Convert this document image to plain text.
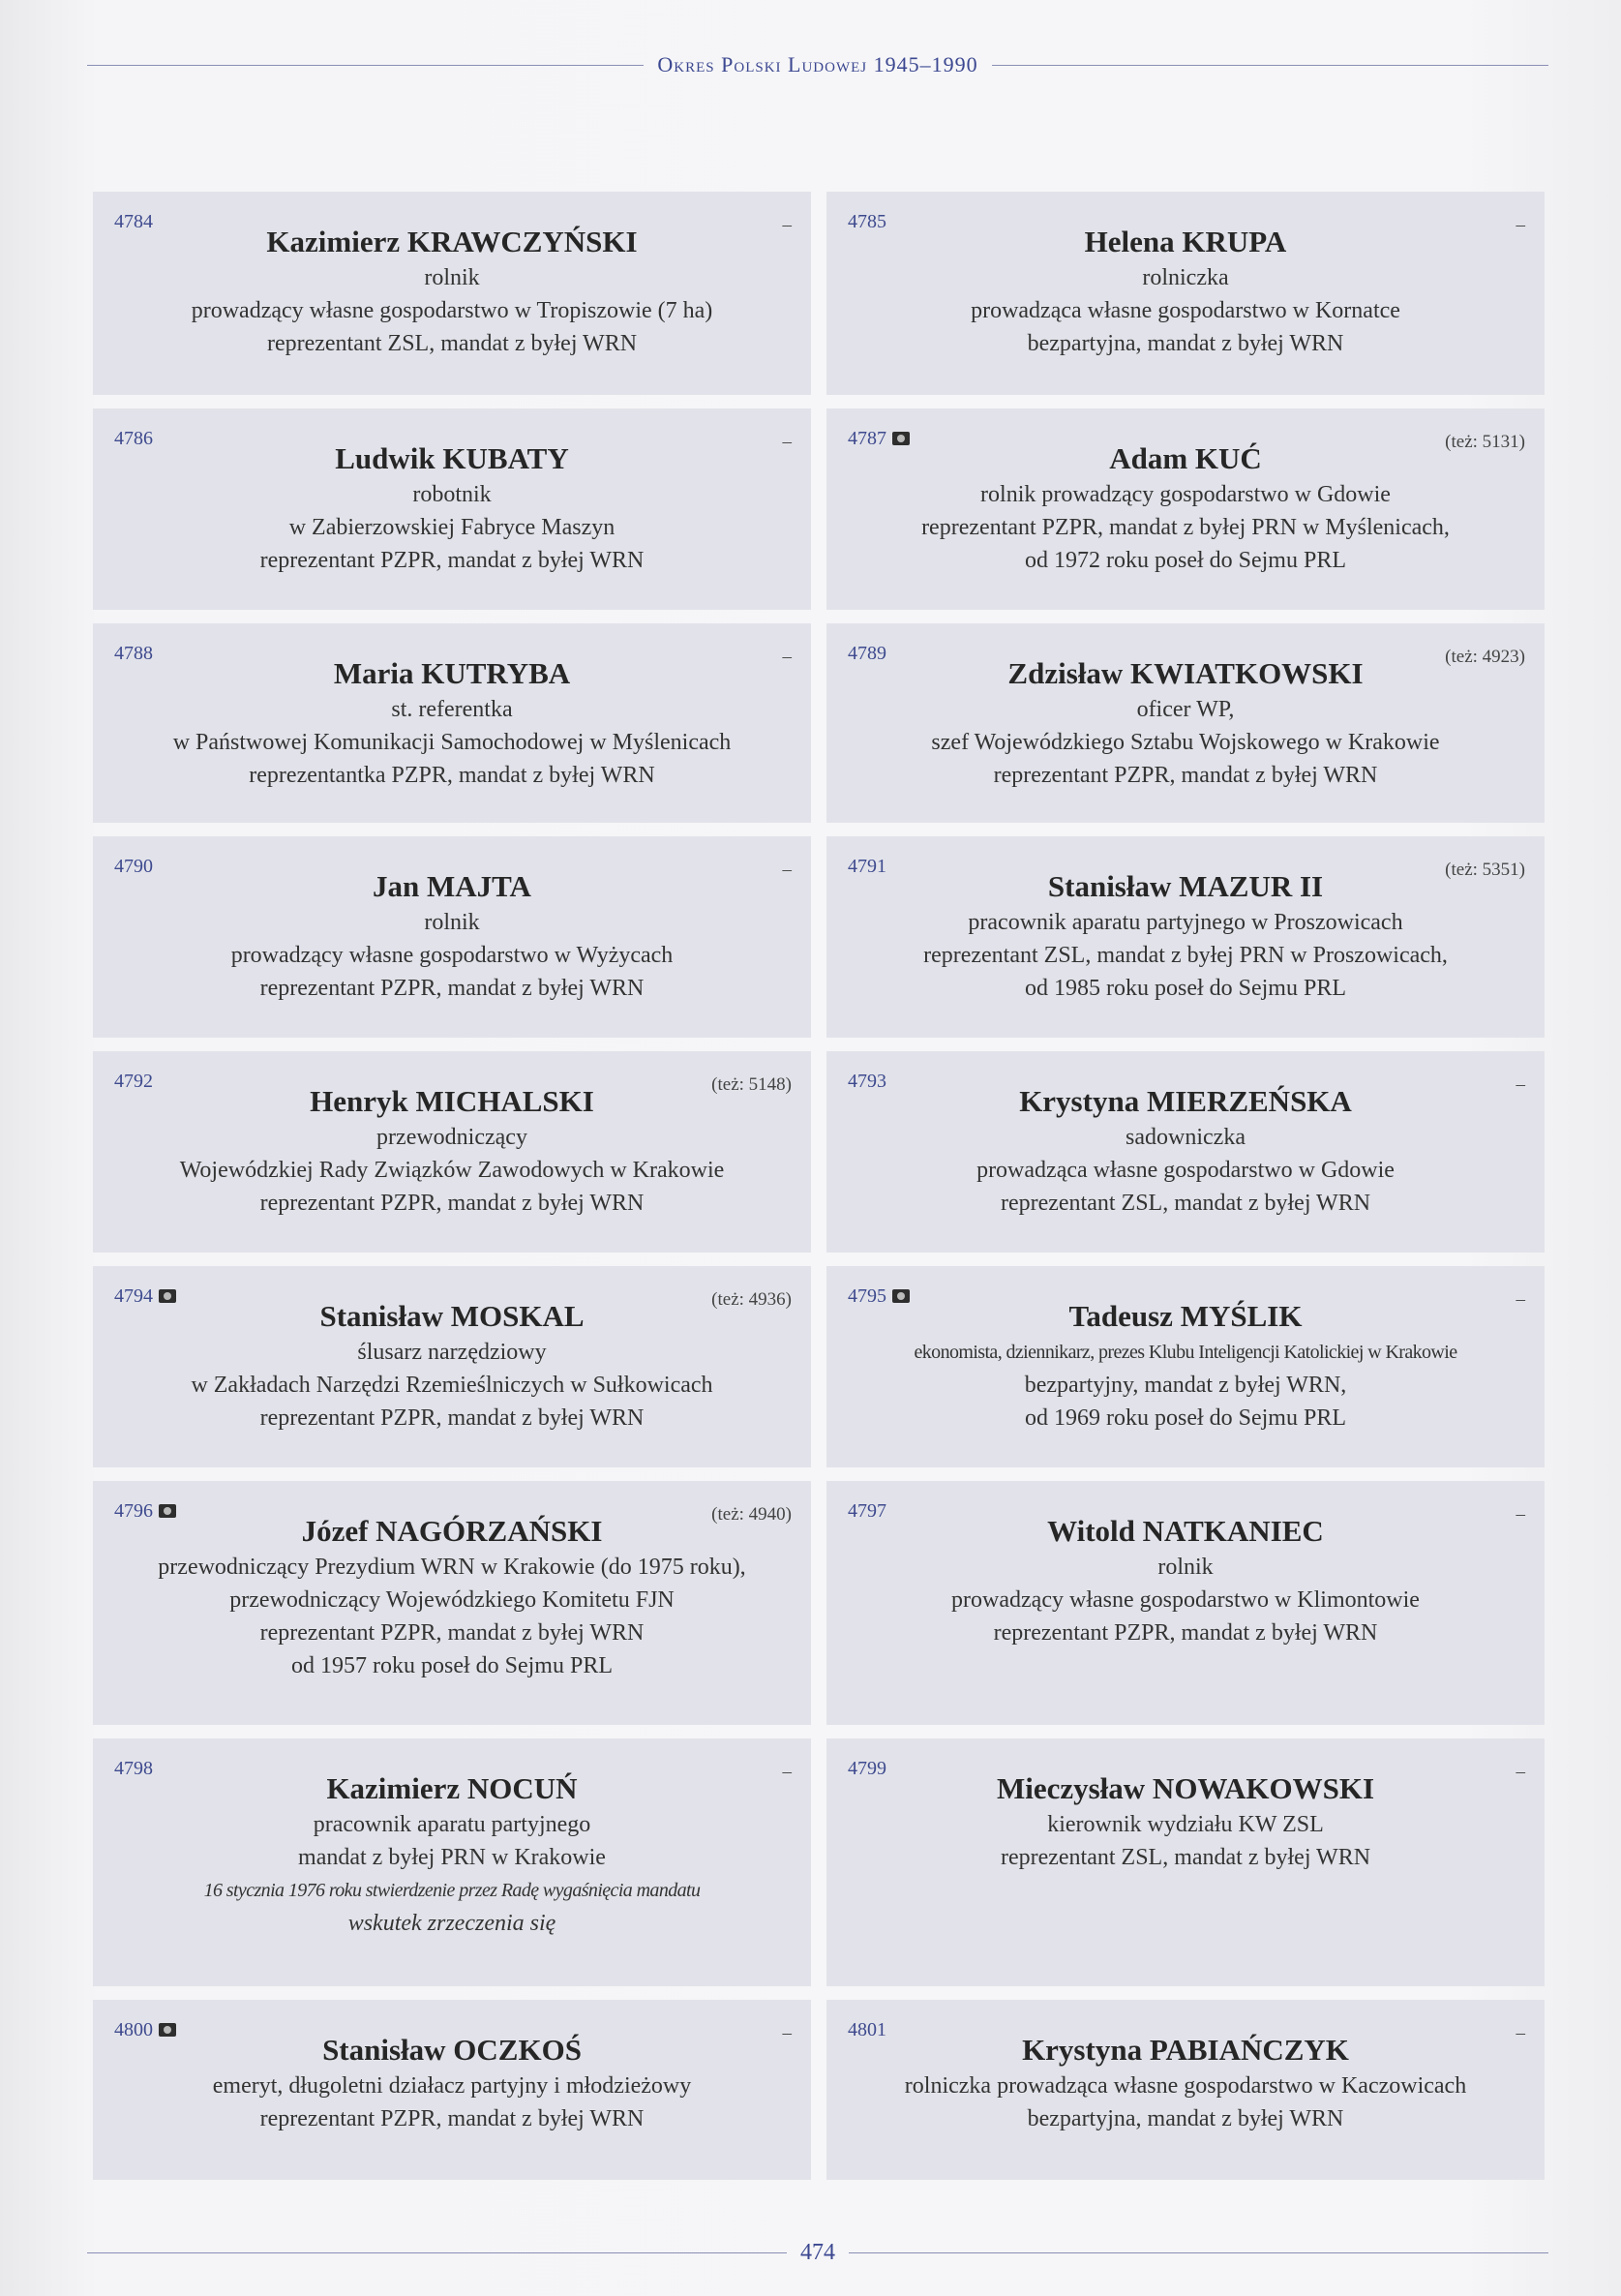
Okres Polski Ludowej 1945–1990
4784	–
Kazimierz KRAWCZYŃSKI
rolnik
prowadzący własne gospodarstwo w Tropiszowie (7 ha)
reprezentant ZSL, mandat z byłej WRN
4785	–
Helena KRUPA
rolniczka
prowadząca własne gospodarstwo w Kornatce
bezpartyjna, mandat z byłej WRN
4786	–
Ludwik KUBATY
robotnik
w Zabierzowskiej Fabryce Maszyn
reprezentant PZPR, mandat z byłej WRN
4787	(też: 5131)
Adam KUĆ
rolnik prowadzący gospodarstwo w Gdowie
reprezentant PZPR, mandat z byłej PRN w Myślenicach,
od 1972 roku poseł do Sejmu PRL
4788	–
Maria KUTRYBA
st. referentka
w Państwowej Komunikacji Samochodowej w Myślenicach
reprezentantka PZPR, mandat z byłej WRN
4789	(też: 4923)
Zdzisław KWIATKOWSKI
oficer WP,
szef Wojewódzkiego Sztabu Wojskowego w Krakowie
reprezentant PZPR, mandat z byłej WRN
4790	–
Jan MAJTA
rolnik
prowadzący własne gospodarstwo w Wyżycach
reprezentant PZPR, mandat z byłej WRN
4791	(też: 5351)
Stanisław MAZUR II
pracownik aparatu partyjnego w Proszowicach
reprezentant ZSL, mandat z byłej PRN w Proszowicach,
od 1985 roku poseł do Sejmu PRL
4792	(też: 5148)
Henryk MICHALSKI
przewodniczący
Wojewódzkiej Rady Związków Zawodowych w Krakowie
reprezentant PZPR, mandat z byłej WRN
4793	–
Krystyna MIERZEŃSKA
sadowniczka
prowadząca własne gospodarstwo w Gdowie
reprezentant ZSL, mandat z byłej WRN
4794	(też: 4936)
Stanisław MOSKAL
ślusarz narzędziowy
w Zakładach Narzędzi Rzemieślniczych w Sułkowicach
reprezentant PZPR, mandat z byłej WRN
4795	–
Tadeusz MYŚLIK
ekonomista, dziennikarz, prezes Klubu Inteligencji Katolickiej w Krakowie
bezpartyjny, mandat z byłej WRN,
od 1969 roku poseł do Sejmu PRL
4796	(też: 4940)
Józef NAGÓRZAŃSKI
przewodniczący Prezydium WRN w Krakowie (do 1975 roku),
przewodniczący Wojewódzkiego Komitetu FJN
reprezentant PZPR, mandat z byłej WRN
od 1957 roku poseł do Sejmu PRL
4797	–
Witold NATKANIEC
rolnik
prowadzący własne gospodarstwo w Klimontowie
reprezentant PZPR, mandat z byłej WRN
4798	–
Kazimierz NOCUŃ
pracownik aparatu partyjnego
mandat z byłej PRN w Krakowie
16 stycznia 1976 roku stwierdzenie przez Radę wygaśnięcia mandatu
wskutek zrzeczenia się
4799	–
Mieczysław NOWAKOWSKI
kierownik wydziału KW ZSL
reprezentant ZSL, mandat z byłej WRN
4800	–
Stanisław OCZKOŚ
emeryt, długoletni działacz partyjny i młodzieżowy
reprezentant PZPR, mandat z byłej WRN
4801	–
Krystyna PABIAŃCZYK
rolniczka prowadząca własne gospodarstwo w Kaczowicach
bezpartyjna, mandat z byłej WRN
474
